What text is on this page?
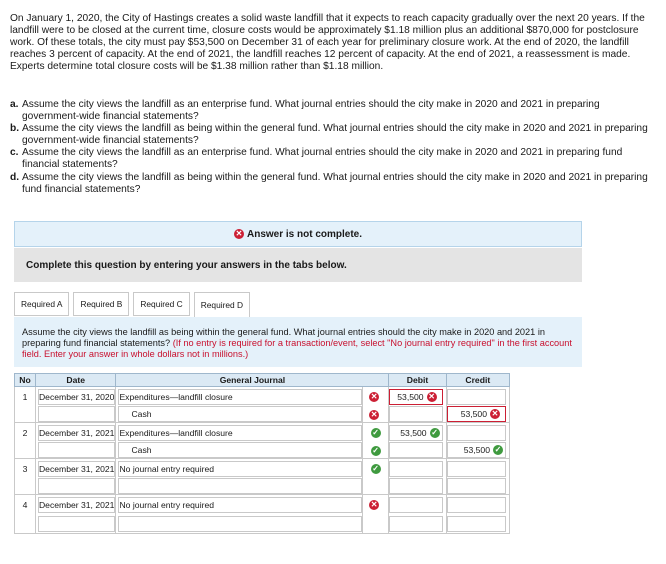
On January 1, 2020, the City of Hastings creates a solid waste landfill that it expects to reach capacity gradually over the next 20 years. If the landfill were to be closed at the current time, closure costs would be approximately $1.18 million plus an additional $870,000 for postclosure work. Of these totals, the city must pay $53,500 on December 31 of each year for preliminary closure work. At the end of 2020, the landfill reaches 3 percent of capacity. At the end of 2021, the landfill reaches 12 percent of capacity. At the end of 2021, a reassessment is made. Experts determine total closure costs will be $1.38 million rather than $1.18 million.
a. Assume the city views the landfill as an enterprise fund. What journal entries should the city make in 2020 and 2021 in preparing government-wide financial statements?
b. Assume the city views the landfill as being within the general fund. What journal entries should the city make in 2020 and 2021 in preparing government-wide financial statements?
c. Assume the city views the landfill as an enterprise fund. What journal entries should the city make in 2020 and 2021 in preparing fund financial statements?
d. Assume the city views the landfill as being within the general fund. What journal entries should the city make in 2020 and 2021 in preparing fund financial statements?
✕ Answer is not complete.
Complete this question by entering your answers in the tabs below.
Required A	Required B	Required C	Required D
Assume the city views the landfill as being within the general fund. What journal entries should the city make in 2020 and 2021 in preparing fund financial statements? (If no entry is required for a transaction/event, select "No journal entry required" in the first account field. Enter your answer in whole dollars not in millions.)
No	Date	General Journal		Debit	Credit
1	December 31, 2020	Expenditures—landfill closure	✕	53,500 ✕	

Cash	✕		53,500 ✕

2	December 31, 2021	Expenditures—landfill closure	✓	53,500 ✓	

Cash	✓		53,500 ✓

3	December 31, 2021	No journal entry required	✓	

4	December 31, 2021	No journal entry required	✕	
